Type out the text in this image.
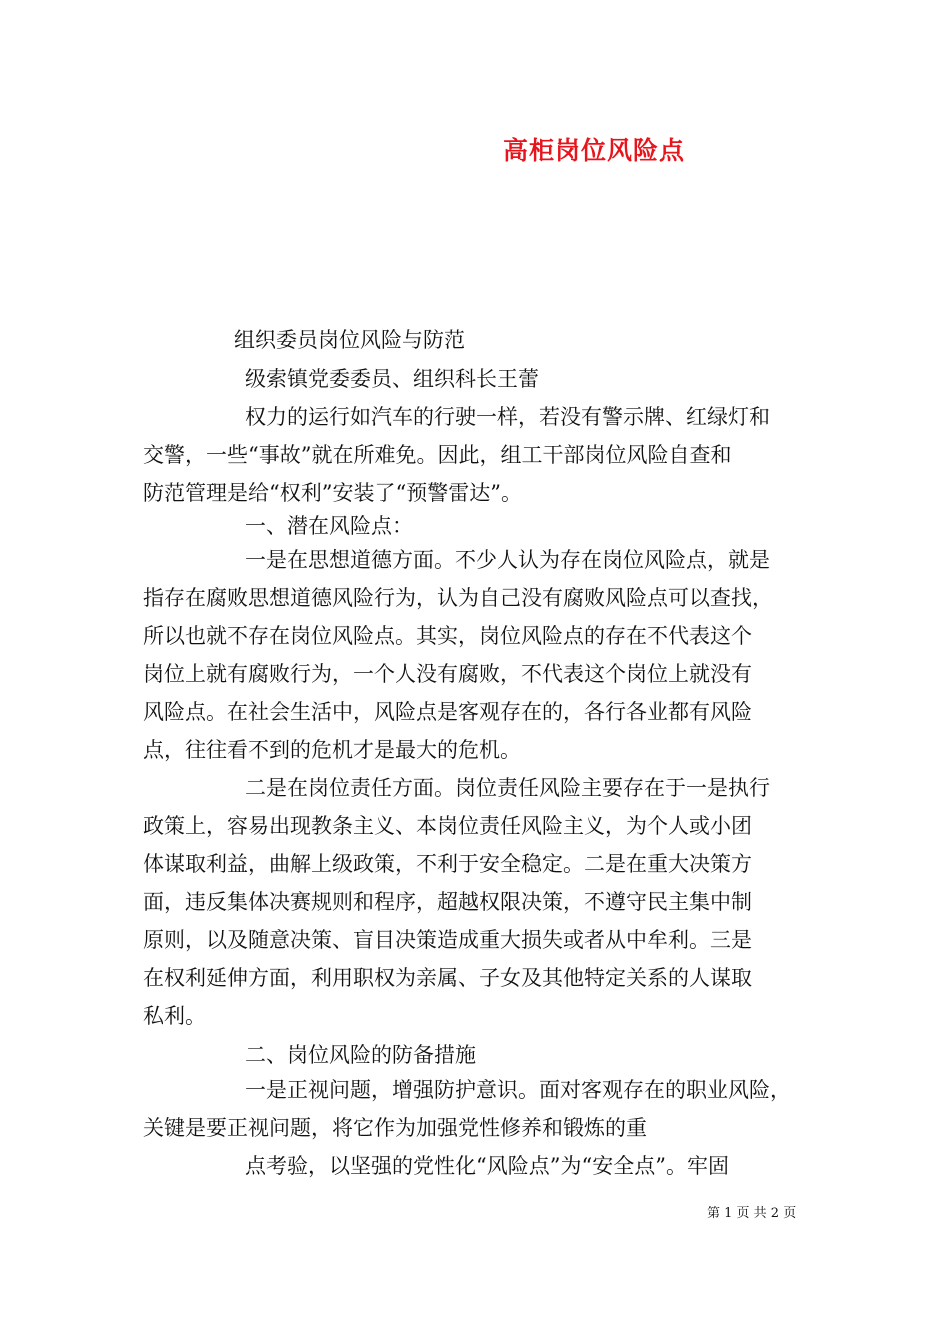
高柜岗位风险点
组织委员岗位风险与防范
级索镇党委委员、组织科长王蕾
权力的运行如汽车的行驶一样，若没有警示牌、红绿灯和
交警，一些“事故”就在所难免。因此，组工干部岗位风险自查和
防范管理是给“权利”安装了“预警雷达”。
一、潜在风险点：
一是在思想道德方面。不少人认为存在岗位风险点，就是
指存在腐败思想道德风险行为，认为自己没有腐败风险点可以查找，
所以也就不存在岗位风险点。其实，岗位风险点的存在不代表这个
岗位上就有腐败行为，一个人没有腐败，不代表这个岗位上就没有
风险点。在社会生活中，风险点是客观存在的，各行各业都有风险
点，往往看不到的危机才是最大的危机。
二是在岗位责任方面。岗位责任风险主要存在于一是执行
政策上，容易出现教条主义、本岗位责任风险主义，为个人或小团
体谋取利益，曲解上级政策，不利于安全稳定。二是在重大决策方
面，违反集体决赛规则和程序，超越权限决策，不遵守民主集中制
原则，以及随意决策、盲目决策造成重大损失或者从中牟利。三是
在权利延伸方面，利用职权为亲属、子女及其他特定关系的人谋取
私利。
二、岗位风险的防备措施
一是正视问题，增强防护意识。面对客观存在的职业风险，
关键是要正视问题，将它作为加强党性修养和锻炼的重
点考验，以坚强的党性化“风险点”为“安全点”。牢固
第 1 页 共 2 页
